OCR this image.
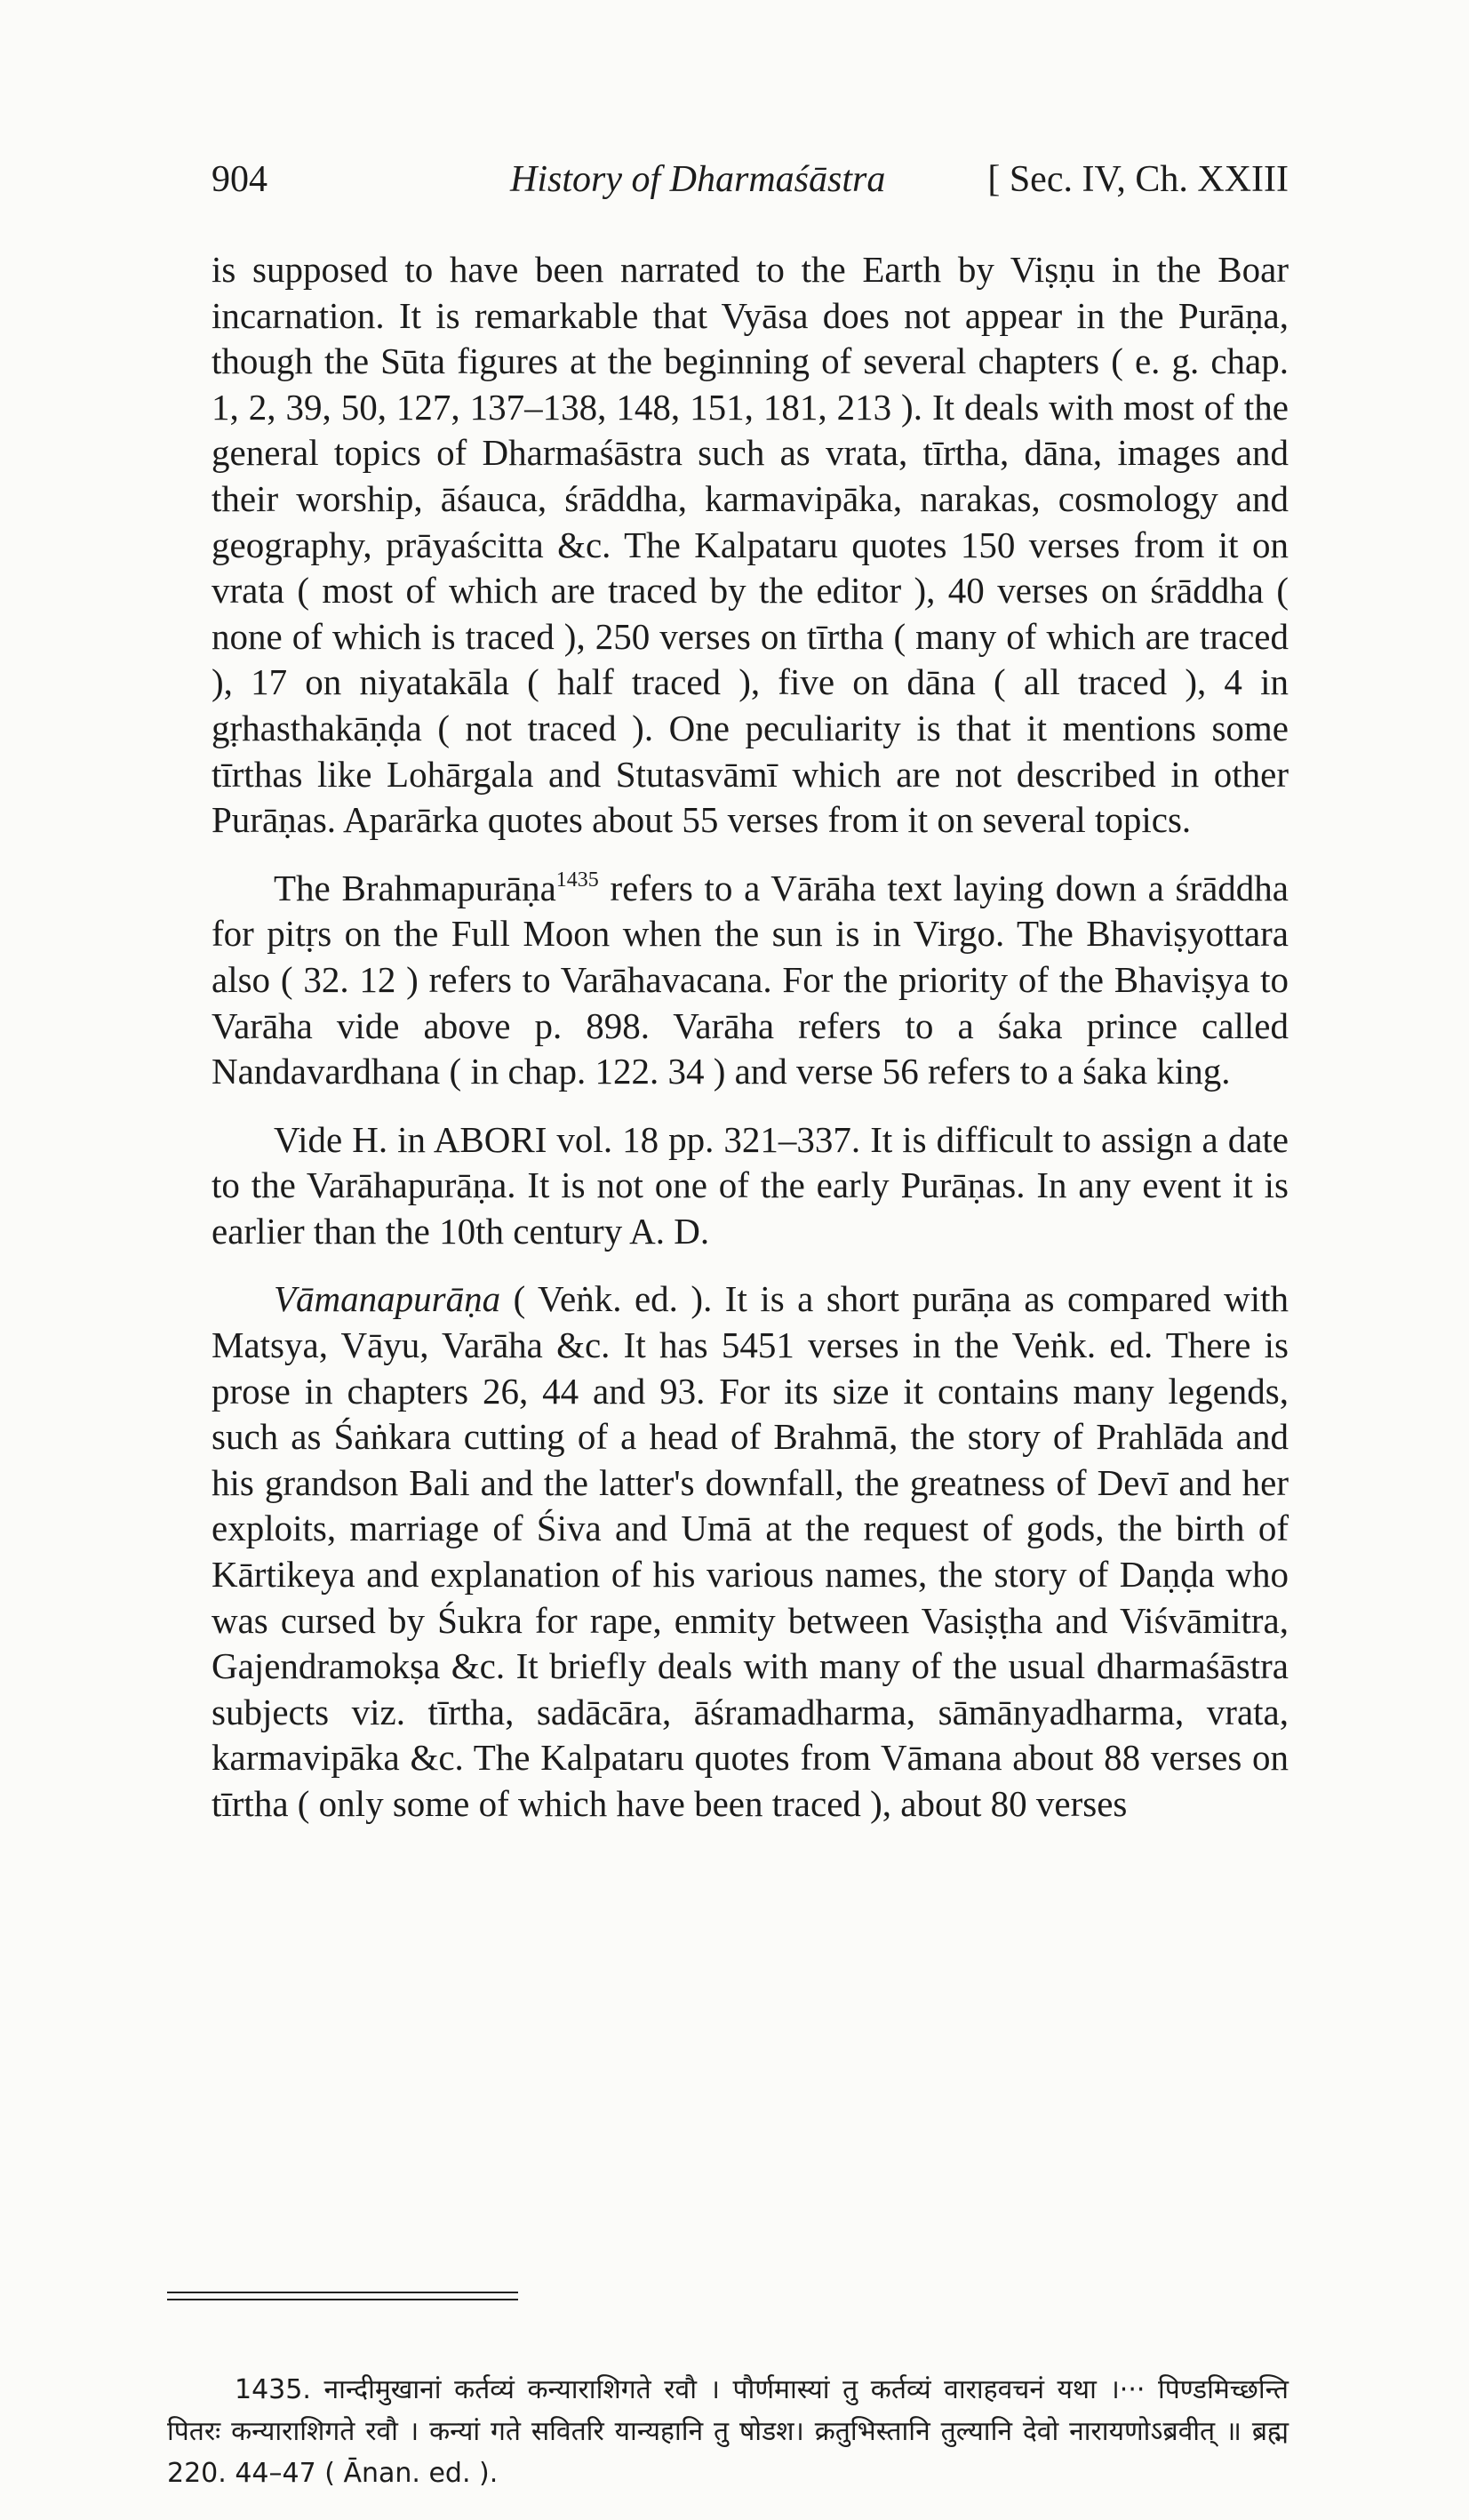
904	History of Dharmaśāstra	[ Sec. IV, Ch. XXIII

is supposed to have been narrated to the Earth by Viṣṇu in the Boar incarnation. It is remarkable that Vyāsa does not appear in the Purāṇa, though the Sūta figures at the beginning of several chapters ( e. g. chap. 1, 2, 39, 50, 127, 137–138, 148, 151, 181, 213 ). It deals with most of the general topics of Dharmaśāstra such as vrata, tīrtha, dāna, images and their worship, āśauca, śrāddha, karmavipāka, narakas, cosmology and geography, prāyaścitta &c. The Kalpataru quotes 150 verses from it on vrata ( most of which are traced by the editor ), 40 verses on śrāddha ( none of which is traced ), 250 verses on tīrtha ( many of which are traced ), 17 on niyatakāla ( half traced ), five on dāna ( all traced ), 4 in gṛhasthakāṇḍa ( not traced ). One peculiarity is that it mentions some tīrthas like Lohārgala and Stutasvāmī which are not described in other Purāṇas. Aparārka quotes about 55 verses from it on several topics.

The Brahmapurāṇa$^{1435}$ refers to a Vārāha text laying down a śrāddha for pitṛs on the Full Moon when the sun is in Virgo. The Bhaviṣyottara also ( 32. 12 ) refers to Varāhavacana. For the priority of the Bhaviṣya to Varāha vide above p. 898. Varāha refers to a śaka prince called Nandavardhana ( in chap. 122. 34 ) and verse 56 refers to a śaka king.

Vide H. in ABORI vol. 18 pp. 321–337. It is difficult to assign a date to the Varāhapurāṇa. It is not one of the early Purāṇas. In any event it is earlier than the 10th century A. D.

Vāmanapurāṇa ( Veṅk. ed. ). It is a short purāṇa as compared with Matsya, Vāyu, Varāha &c. It has 5451 verses in the Veṅk. ed. There is prose in chapters 26, 44 and 93. For its size it contains many legends, such as Śaṅkara cutting of a head of Brahmā, the story of Prahlāda and his grandson Bali and the latter's downfall, the greatness of Devī and her exploits, marriage of Śiva and Umā at the request of gods, the birth of Kārtikeya and explanation of his various names, the story of Daṇḍa who was cursed by Śukra for rape, enmity between Vasiṣṭha and Viśvāmitra, Gajendramokṣa &c. It briefly deals with many of the usual dharmaśāstra subjects viz. tīrtha, sadācāra, āśramadharma, sāmānyadharma, vrata, karmavipāka &c. The Kalpataru quotes from Vāmana about 88 verses on tīrtha ( only some of which have been traced ), about 80 verses

1435. नान्दीमुखानां कर्तव्यं कन्याराशिगते रवौ । पौर्णमास्यां तु कर्तव्यं वाराहवचनं यथा ।··· पिण्डमिच्छन्ति पितरः कन्याराशिगते रवौ । कन्यां गते सवितरि यान्यहानि तु षोडश। क्रतुभिस्तानि तुल्यानि देवो नारायणोऽब्रवीत् ॥ ब्रह्म 220. 44–47 ( Ānan. ed. ).
